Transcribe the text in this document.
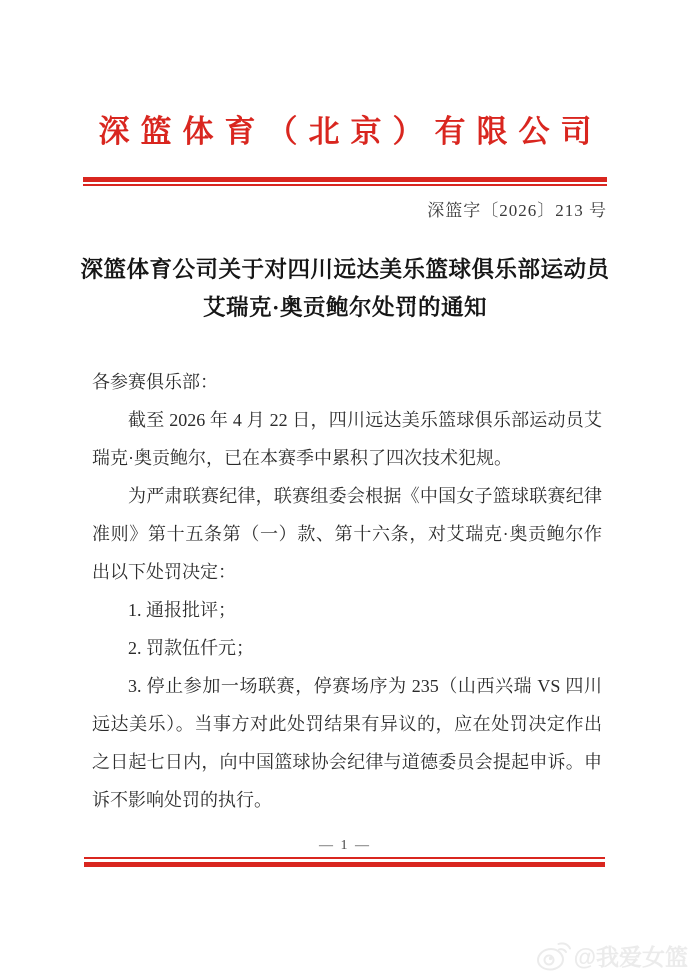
深篮体育（北京）有限公司
深篮字〔2026〕213 号
深篮体育公司关于对四川远达美乐篮球俱乐部运动员
艾瑞克·奥贡鲍尔处罚的通知
各参赛俱乐部：
截至 2026 年 4 月 22 日，四川远达美乐篮球俱乐部运动员艾
瑞克·奥贡鲍尔，已在本赛季中累积了四次技术犯规。
为严肃联赛纪律，联赛组委会根据《中国女子篮球联赛纪律
准则》第十五条第（一）款、第十六条，对艾瑞克·奥贡鲍尔作
出以下处罚决定：
1. 通报批评；
2. 罚款伍仟元；
3. 停止参加一场联赛，停赛场序为 235（山西兴瑞 VS 四川
远达美乐）。当事方对此处罚结果有异议的，应在处罚决定作出
之日起七日内，向中国篮球协会纪律与道德委员会提起申诉。申
诉不影响处罚的执行。
— 1 —
@我爱女篮
